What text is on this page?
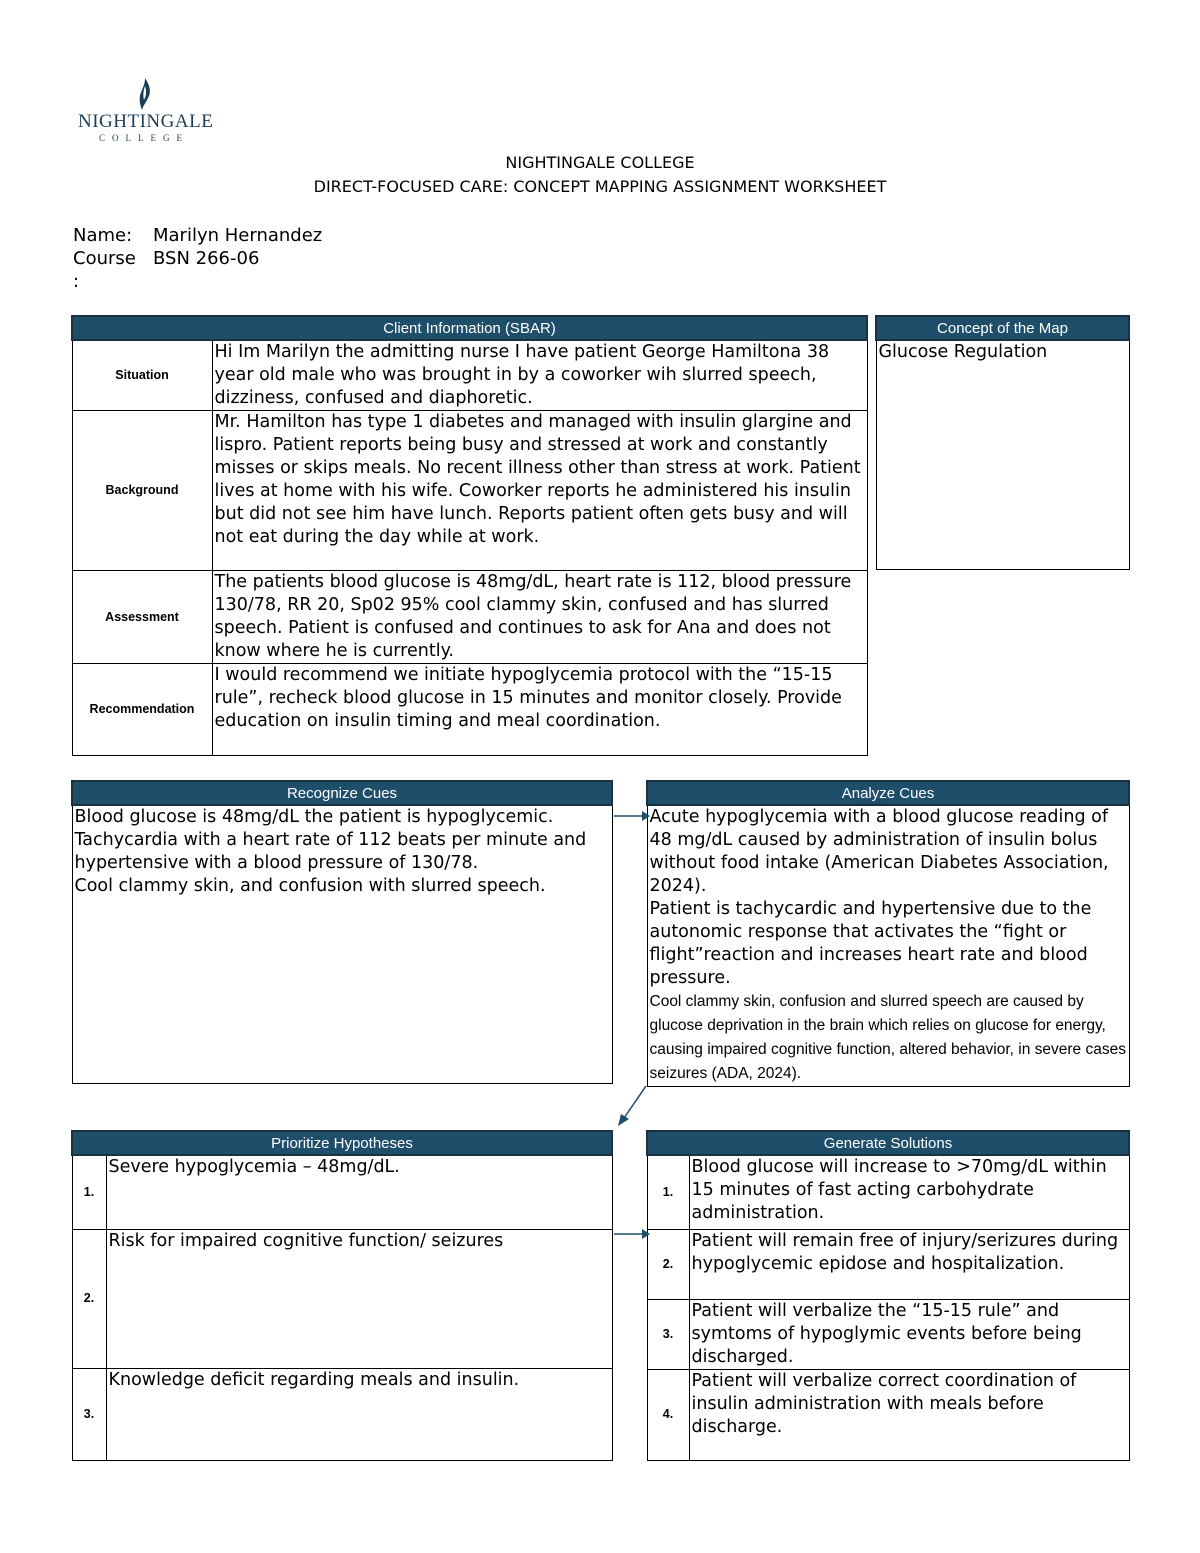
NIGHTINGALE
COLLEGE
NIGHTINGALE COLLEGE
DIRECT-FOCUSED CARE: CONCEPT MAPPING ASSIGNMENT WORKSHEET
Name: Marilyn Hernandez
Course BSN 266-06
:
Client Information (SBAR)	
Situation	Hi Im Marilyn the admitting nurse I have patient George Hamiltona 38 year old male who was brought in by a coworker wih slurred speech, dizziness, confused and diaphoretic.
Background	Mr. Hamilton has type 1 diabetes and managed with insulin glargine and lispro. Patient reports being busy and stressed at work and constantly misses or skips meals. No recent illness other than stress at work. Patient lives at home with his wife. Coworker reports he administered his insulin but did not see him have lunch. Reports patient often gets busy and will not eat during the day while at work.
Assessment	The patients blood glucose is 48mg/dL, heart rate is 112, blood pressure 130/78, RR 20, Sp02 95% cool clammy skin, confused and has slurred speech. Patient is confused and continues to ask for Ana and does not know where he is currently.
Recommendation	I would recommend we initiate hypoglycemia protocol with the “15-15 rule”, recheck blood glucose in 15 minutes and monitor closely. Provide education on insulin timing and meal coordination.
Concept of the Map
Glucose Regulation
Recognize Cues

Blood glucose is 48mg/dL the patient is hypoglycemic.
Tachycardia with a heart rate of 112 beats per minute and hypertensive with a blood pressure of 130/78.
Cool clammy skin, and confusion with slurred speech.
Analyze Cues

Acute hypoglycemia with a blood glucose reading of 48 mg/dL caused by administration of insulin bolus without food intake (American Diabetes Association, 2024).
Patient is tachycardic and hypertensive due to the autonomic response that activates the “fight or flight”reaction and increases heart rate and blood pressure.
Cool clammy skin, confusion and slurred speech are caused by glucose deprivation in the brain which relies on glucose for energy, causing impaired cognitive function, altered behavior, in severe cases seizures (ADA, 2024).
Prioritize Hypotheses	
1.	Severe hypoglycemia – 48mg/dL.
2.	Risk for impaired cognitive function/ seizures
3.	Knowledge deficit regarding meals and insulin.
Generate Solutions	
1.	Blood glucose will increase to >70mg/dL within 15 minutes of fast acting carbohydrate administration.
2.	Patient will remain free of injury/serizures during hypoglycemic epidose and hospitalization.
3.	Patient will verbalize the “15-15 rule” and symtoms of hypoglymic events before being discharged.
4.	Patient will verbalize correct coordination of insulin administration with meals before discharge.
